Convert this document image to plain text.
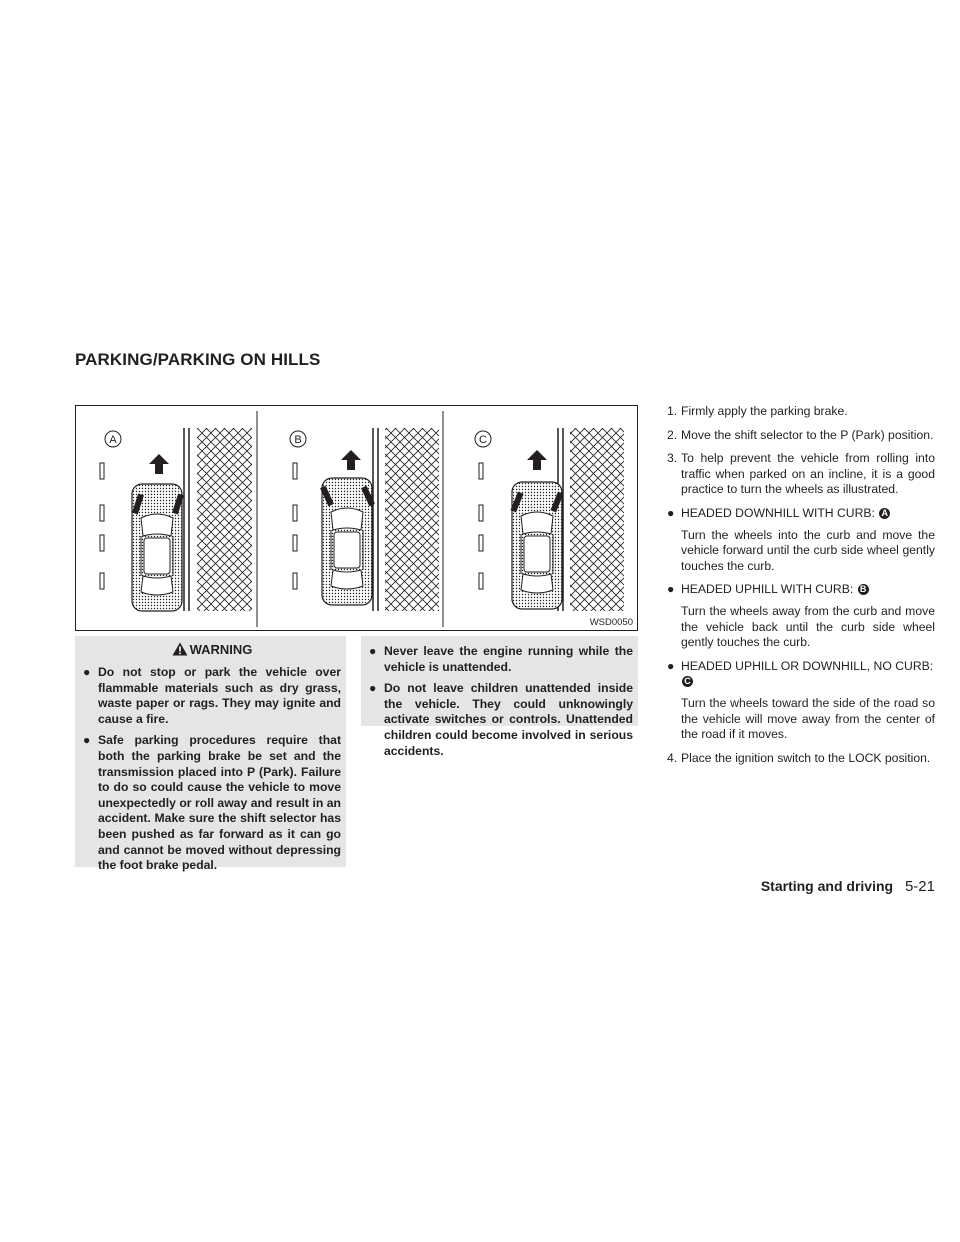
PARKING/PARKING ON HILLS
A	B	C
WSD0050
WARNING
● Do not stop or park the vehicle over flammable materials such as dry grass, waste paper or rags. They may ignite and cause a fire.
● Safe parking procedures require that both the parking brake be set and the transmission placed into P (Park). Failure to do so could cause the vehicle to move unexpectedly or roll away and result in an accident. Make sure the shift selector has been pushed as far forward as it can go and cannot be moved without depressing the foot brake pedal.
● Never leave the engine running while the vehicle is unattended.
● Do not leave children unattended inside the vehicle. They could unknowingly activate switches or controls. Unattended children could become involved in serious accidents.
1. Firmly apply the parking brake.
2. Move the shift selector to the P (Park) position.
3. To help prevent the vehicle from rolling into traffic when parked on an incline, it is a good practice to turn the wheels as illustrated.
● HEADED DOWNHILL WITH CURB: A
Turn the wheels into the curb and move the vehicle forward until the curb side wheel gently touches the curb.
● HEADED UPHILL WITH CURB: B
Turn the wheels away from the curb and move the vehicle back until the curb side wheel gently touches the curb.
● HEADED UPHILL OR DOWNHILL, NO CURB: C
Turn the wheels toward the side of the road so the vehicle will move away from the center of the road if it moves.
4. Place the ignition switch to the LOCK position.
Starting and driving 5-21
